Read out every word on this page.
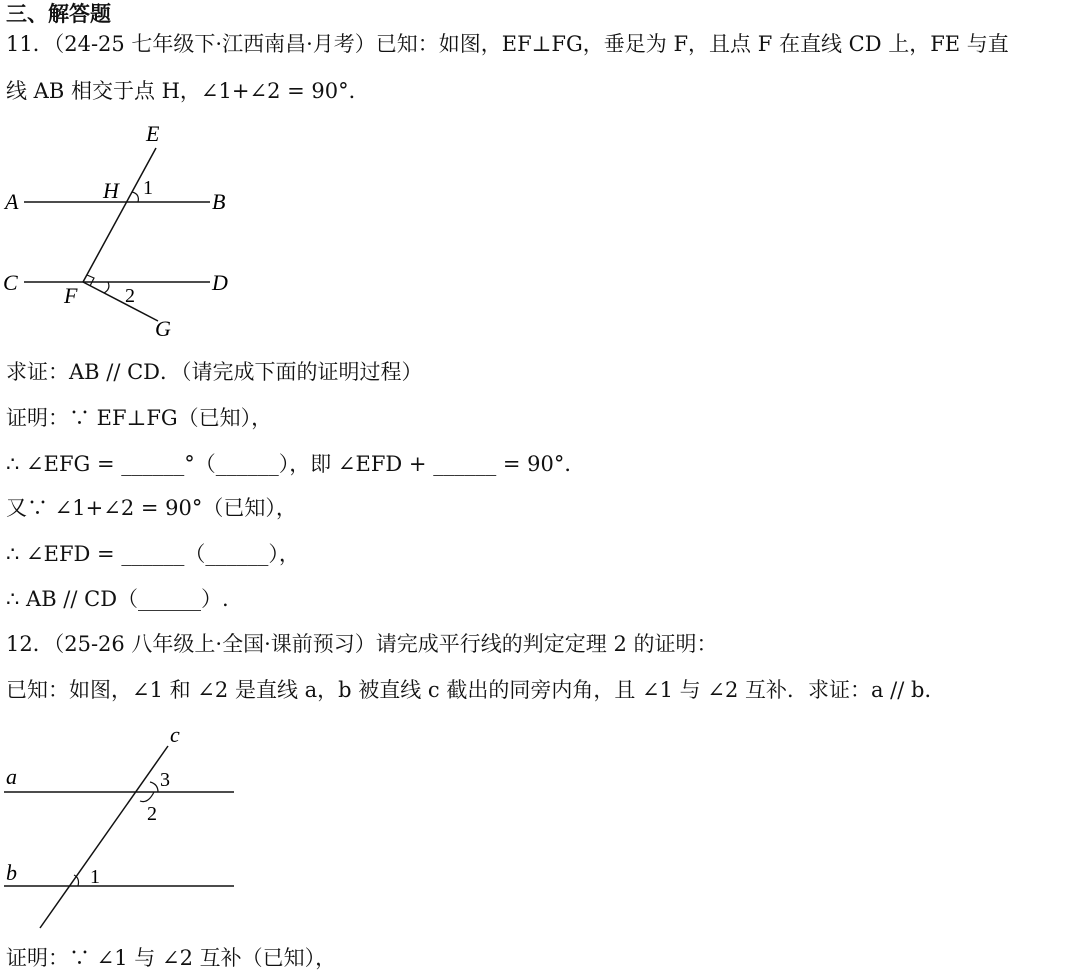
三、解答题
11．（24-25 七年级下·江西南昌·月考）已知：如图，EF⊥FG，垂足为 F，且点 F 在直线 CD 上，FE 与直
线 AB 相交于点 H，∠1+∠2 = 90°．
E
A	H 1
B
C
F 2
D
G
求证：AB // CD．（请完成下面的证明过程）
证明：∵ EF⊥FG（已知），
∴ ∠EFG = ______°（______），即 ∠EFD + ______ = 90°．
又∵ ∠1+∠2 = 90°（已知），
∴ ∠EFD = ______（______），
∴ AB // CD（______）.
12．（25-26 八年级上·全国·课前预习）请完成平行线的判定定理 2 的证明：
已知：如图，∠1 和 ∠2 是直线 a，b 被直线 c 截出的同旁内角，且 ∠1 与 ∠2 互补．求证：a // b．
c
a	3
2
b	1
证明：∵ ∠1 与 ∠2 互补（已知），
